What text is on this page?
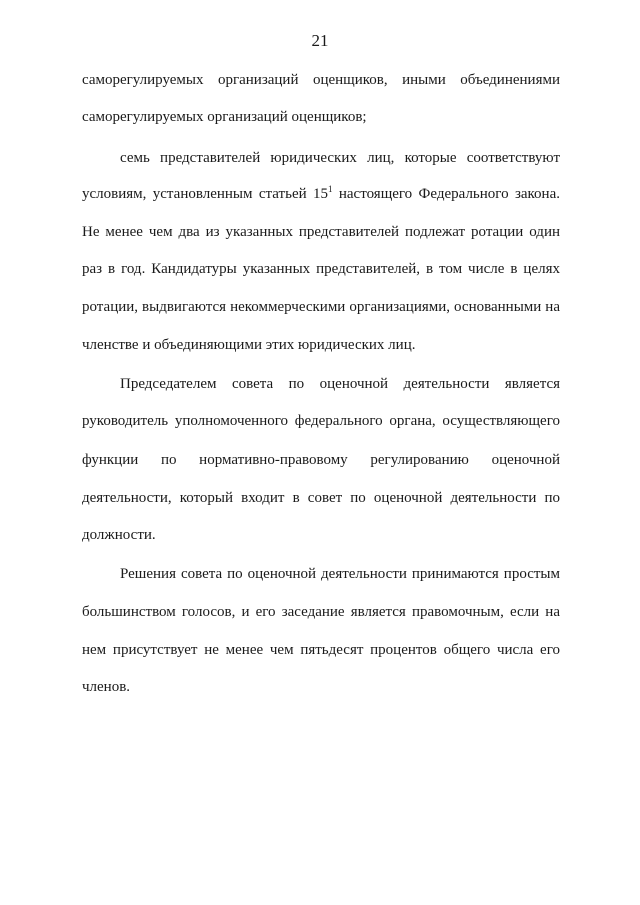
21
саморегулируемых организаций оценщиков, иными объединениями
саморегулируемых организаций оценщиков;
семь представителей юридических лиц, которые соответствуют
условиям, установленным статьей $15^1$ настоящего Федерального закона.
Не менее чем два из указанных представителей подлежат ротации один
раз в год. Кандидатуры указанных представителей, в том числе в целях
ротации, выдвигаются некоммерческими организациями, основанными на
членстве и объединяющими этих юридических лиц.
Председателем совета по оценочной деятельности является
руководитель уполномоченного федерального органа, осуществляющего
функции по нормативно-правовому регулированию оценочной
деятельности, который входит в совет по оценочной деятельности по
должности.
Решения совета по оценочной деятельности принимаются простым
большинством голосов, и его заседание является правомочным, если на
нем присутствует не менее чем пятьдесят процентов общего числа его
членов.
